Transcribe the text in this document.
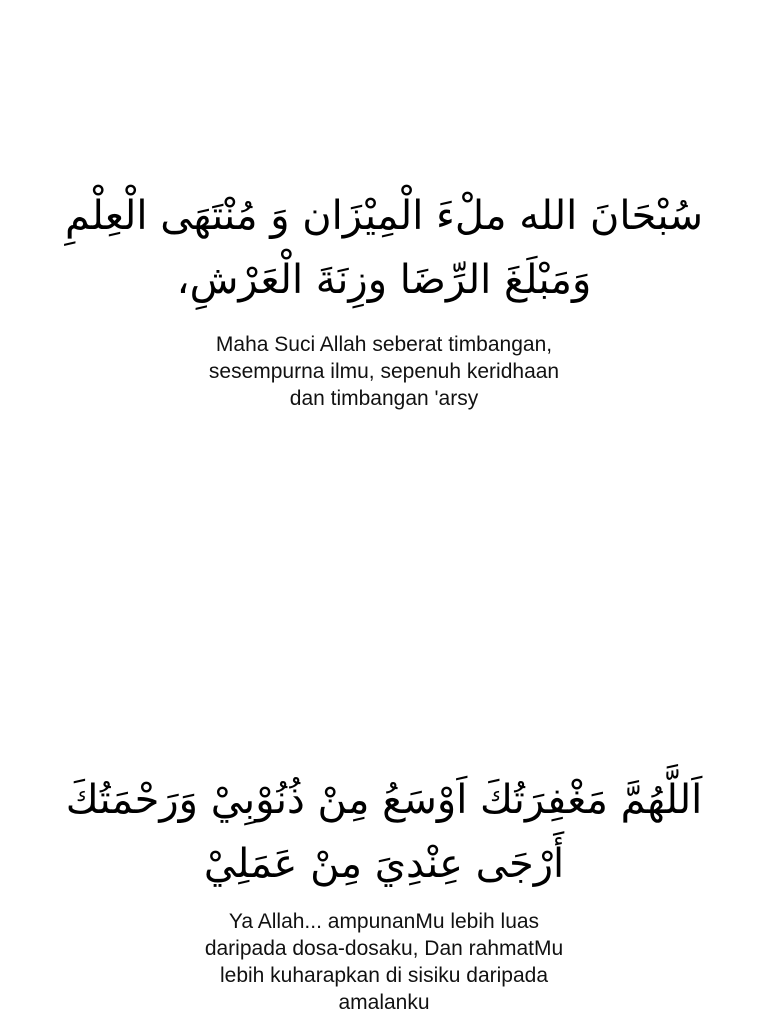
سُبْحَانَ الله ملْءَ الْمِيْزَان وَ مُنْتَهَى الْعِلْمِ
وَمَبْلَغَ الرِّضَا وزِنَةَ الْعَرْشِ،
Maha Suci Allah seberat timbangan,
sesempurna ilmu, sepenuh keridhaan
dan timbangan 'arsy
اَللَّهُمَّ مَغْفِرَتُكَ اَوْسَعُ مِنْ ذُنُوْبِيْ وَرَحْمَتُكَ
أَرْجَى عِنْدِيَ مِنْ عَمَلِيْ
Ya Allah... ampunanMu lebih luas
daripada dosa-dosaku, Dan rahmatMu
lebih kuharapkan di sisiku daripada
amalanku
